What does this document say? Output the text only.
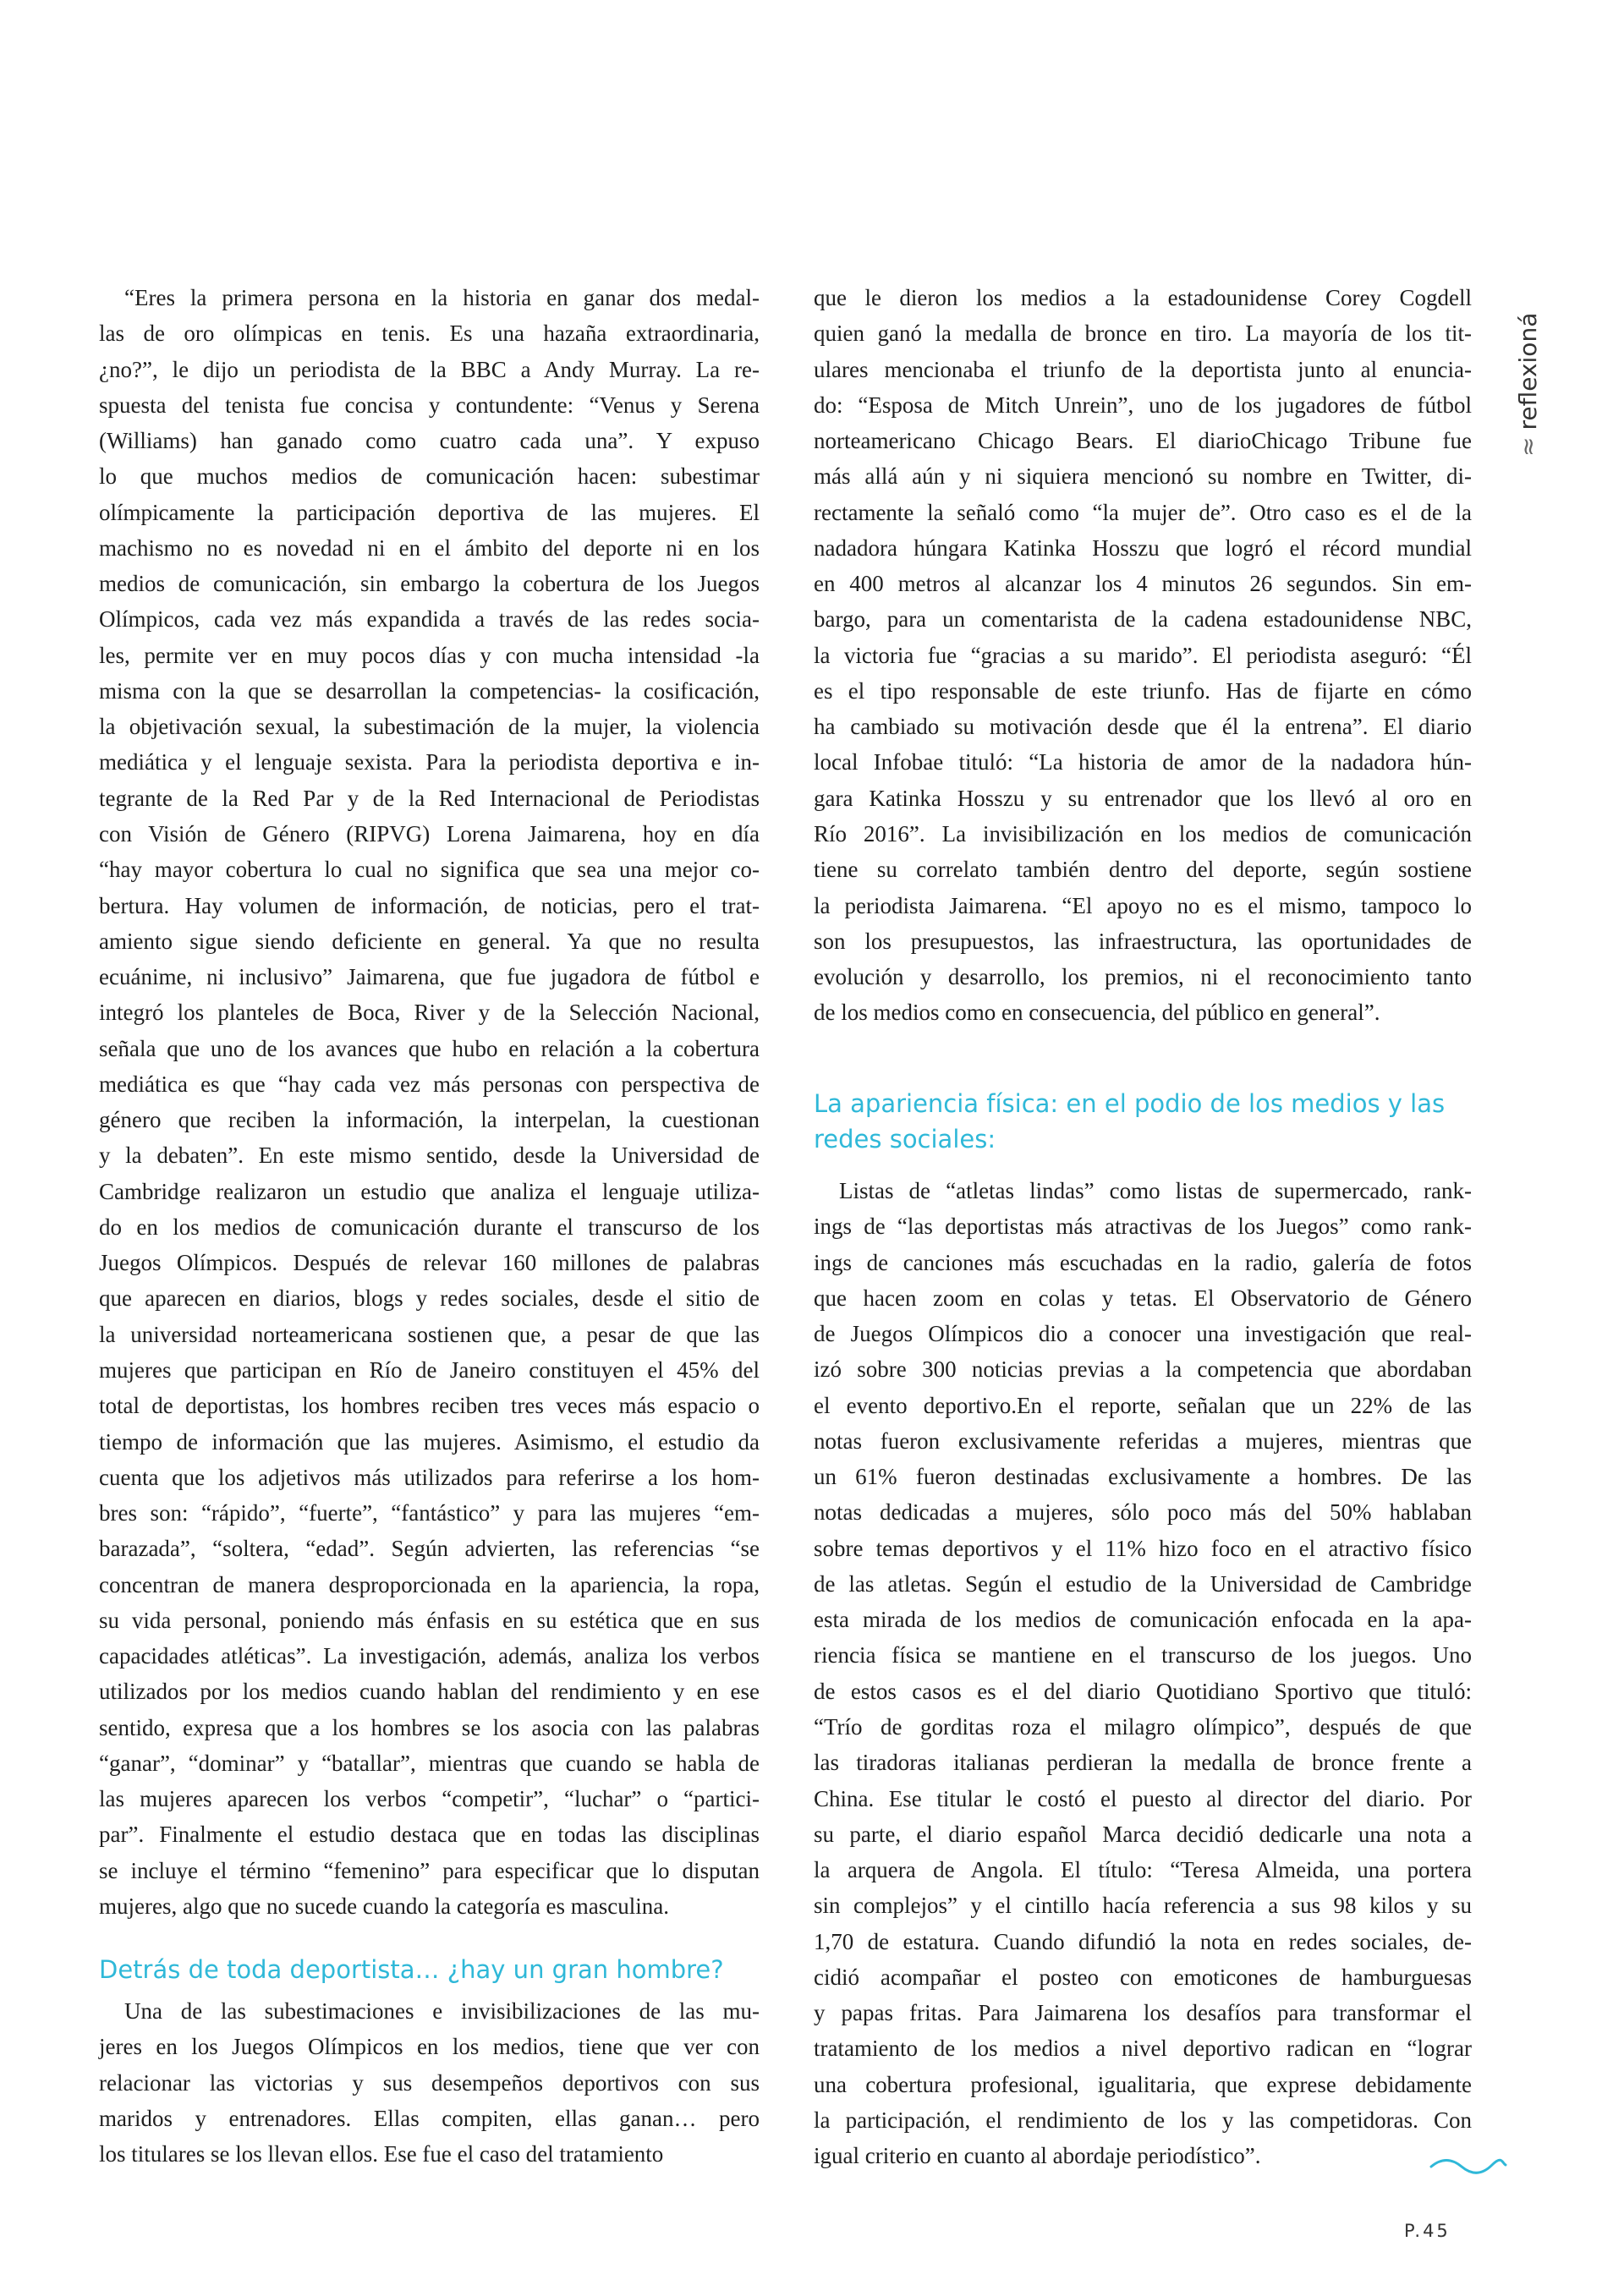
≈reflexioná
“Eres la primera persona en la historia en ganar dos medal-
las de oro olímpicas en tenis. Es una hazaña extraordinaria,
¿no?”, le dijo un periodista de la BBC a Andy Murray. La re-
spuesta del tenista fue concisa y contundente: “Venus y Serena
(Williams) han ganado como cuatro cada una”. Y expuso
lo que muchos medios de comunicación hacen: subestimar
olímpicamente la participación deportiva de las mujeres. El
machismo no es novedad ni en el ámbito del deporte ni en los
medios de comunicación, sin embargo la cobertura de los Juegos
Olímpicos, cada vez más expandida a través de las redes socia-
les, permite ver en muy pocos días y con mucha intensidad -la
misma con la que se desarrollan la competencias- la cosificación,
la objetivación sexual, la subestimación de la mujer, la violencia
mediática y el lenguaje sexista. Para la periodista deportiva e in-
tegrante de la Red Par y de la Red Internacional de Periodistas
con Visión de Género (RIPVG) Lorena Jaimarena, hoy en día
“hay mayor cobertura lo cual no significa que sea una mejor co-
bertura. Hay volumen de información, de noticias, pero el trat-
amiento sigue siendo deficiente en general. Ya que no resulta
ecuánime, ni inclusivo” Jaimarena, que fue jugadora de fútbol e
integró los planteles de Boca, River y de la Selección Nacional,
señala que uno de los avances que hubo en relación a la cobertura
mediática es que “hay cada vez más personas con perspectiva de
género que reciben la información, la interpelan, la cuestionan
y la debaten”. En este mismo sentido, desde la Universidad de
Cambridge realizaron un estudio que analiza el lenguaje utiliza-
do en los medios de comunicación durante el transcurso de los
Juegos Olímpicos. Después de relevar 160 millones de palabras
que aparecen en diarios, blogs y redes sociales, desde el sitio de
la universidad norteamericana sostienen que, a pesar de que las
mujeres que participan en Río de Janeiro constituyen el 45% del
total de deportistas, los hombres reciben tres veces más espacio o
tiempo de información que las mujeres. Asimismo, el estudio da
cuenta que los adjetivos más utilizados para referirse a los hom-
bres son: “rápido”, “fuerte”, “fantástico” y para las mujeres “em-
barazada”, “soltera, “edad”. Según advierten, las referencias “se
concentran de manera desproporcionada en la apariencia, la ropa,
su vida personal, poniendo más énfasis en su estética que en sus
capacidades atléticas”. La investigación, además, analiza los verbos
utilizados por los medios cuando hablan del rendimiento y en ese
sentido, expresa que a los hombres se los asocia con las palabras
“ganar”, “dominar” y “batallar”, mientras que cuando se habla de
las mujeres aparecen los verbos “competir”, “luchar” o “partici-
par”. Finalmente el estudio destaca que en todas las disciplinas
se incluye el término “femenino” para especificar que lo disputan
mujeres, algo que no sucede cuando la categoría es masculina.
Detrás de toda deportista… ¿hay un gran hombre?
Una de las subestimaciones e invisibilizaciones de las mu-
jeres en los Juegos Olímpicos en los medios, tiene que ver con
relacionar las victorias y sus desempeños deportivos con sus
maridos y entrenadores. Ellas compiten, ellas ganan… pero
los titulares se los llevan ellos. Ese fue el caso del tratamiento
que le dieron los medios a la estadounidense Corey Cogdell
quien ganó la medalla de bronce en tiro. La mayoría de los tit-
ulares mencionaba el triunfo de la deportista junto al enuncia-
do: “Esposa de Mitch Unrein”, uno de los jugadores de fútbol
norteamericano Chicago Bears. El diarioChicago Tribune fue
más allá aún y ni siquiera mencionó su nombre en Twitter, di-
rectamente la señaló como “la mujer de”. Otro caso es el de la
nadadora húngara Katinka Hosszu que logró el récord mundial
en 400 metros al alcanzar los 4 minutos 26 segundos. Sin em-
bargo, para un comentarista de la cadena estadounidense NBC,
la victoria fue “gracias a su marido”. El periodista aseguró: “Él
es el tipo responsable de este triunfo. Has de fijarte en cómo
ha cambiado su motivación desde que él la entrena”. El diario
local Infobae tituló: “La historia de amor de la nadadora hún-
gara Katinka Hosszu y su entrenador que los llevó al oro en
Río 2016”. La invisibilización en los medios de comunicación
tiene su correlato también dentro del deporte, según sostiene
la periodista Jaimarena. “El apoyo no es el mismo, tampoco lo
son los presupuestos, las infraestructura, las oportunidades de
evolución y desarrollo, los premios, ni el reconocimiento tanto
de los medios como en consecuencia, del público en general”.
La apariencia física: en el podio de los medios y las
redes sociales:
Listas de “atletas lindas” como listas de supermercado, rank-
ings de “las deportistas más atractivas de los Juegos” como rank-
ings de canciones más escuchadas en la radio, galería de fotos
que hacen zoom en colas y tetas. El Observatorio de Género
de Juegos Olímpicos dio a conocer una investigación que real-
izó sobre 300 noticias previas a la competencia que abordaban
el evento deportivo.En el reporte, señalan que un 22% de las
notas fueron exclusivamente referidas a mujeres, mientras que
un 61% fueron destinadas exclusivamente a hombres. De las
notas dedicadas a mujeres, sólo poco más del 50% hablaban
sobre temas deportivos y el 11% hizo foco en el atractivo físico
de las atletas. Según el estudio de la Universidad de Cambridge
esta mirada de los medios de comunicación enfocada en la apa-
riencia física se mantiene en el transcurso de los juegos. Uno
de estos casos es el del diario Quotidiano Sportivo que tituló:
“Trío de gorditas roza el milagro olímpico”, después de que
las tiradoras italianas perdieran la medalla de bronce frente a
China. Ese titular le costó el puesto al director del diario. Por
su parte, el diario español Marca decidió dedicarle una nota a
la arquera de Angola. El título: “Teresa Almeida, una portera
sin complejos” y el cintillo hacía referencia a sus 98 kilos y su
1,70 de estatura. Cuando difundió la nota en redes sociales, de-
cidió acompañar el posteo con emoticones de hamburguesas
y papas fritas. Para Jaimarena los desafíos para transformar el
tratamiento de los medios a nivel deportivo radican en “lograr
una cobertura profesional, igualitaria, que exprese debidamente
la participación, el rendimiento de los y las competidoras. Con
igual criterio en cuanto al abordaje periodístico”.
P.45
